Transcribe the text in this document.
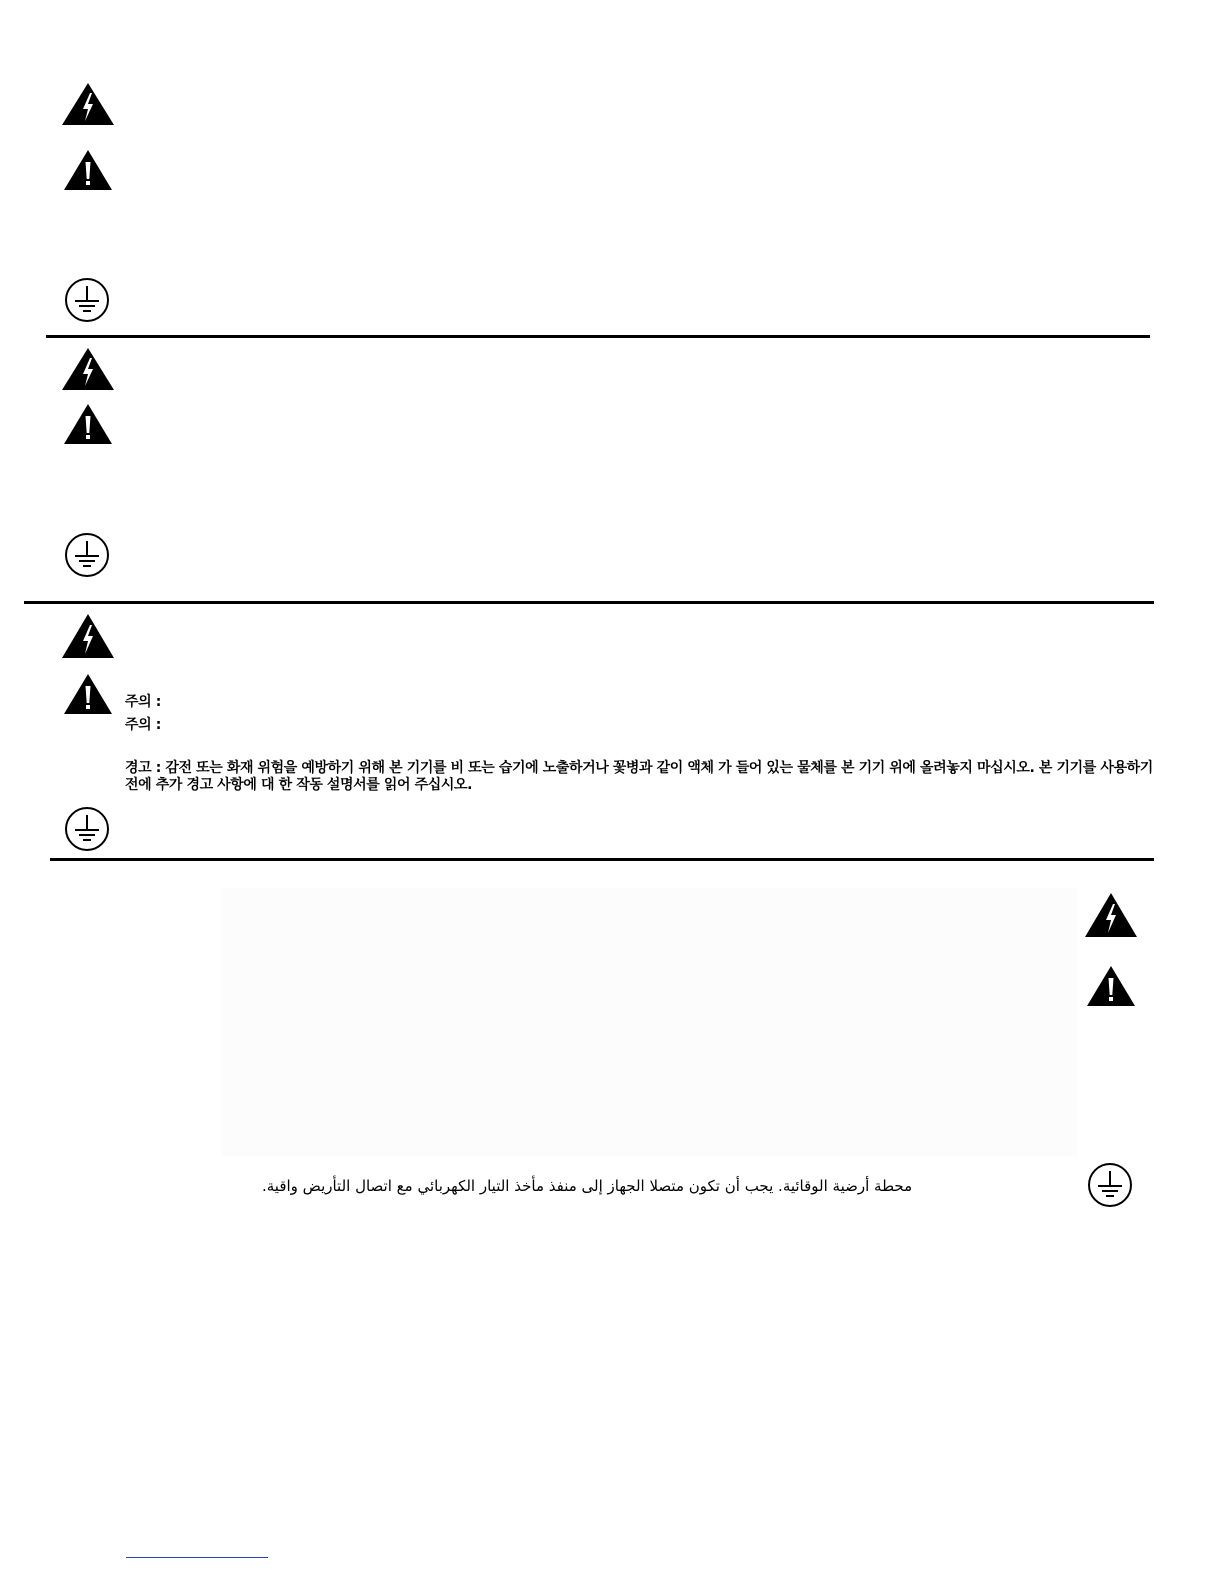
주의 :
주의 :
경고 : 감전 또는 화재 위험을 예방하기 위해 본 기기를 비 또는 습기에 노출하거나 꽃병과 같이 액체 가 들어 있는 물체를 본 기기 위에 올려놓지 마십시오. 본 기기를 사용하기 전에 추가 경고 사항에 대 한 작동 설명서를 읽어 주십시오.
محطة أرضية الوقائية. يجب أن تكون متصلا الجهاز إلى منفذ مأخذ التيار الكهربائي مع اتصال التأريض واقية.
